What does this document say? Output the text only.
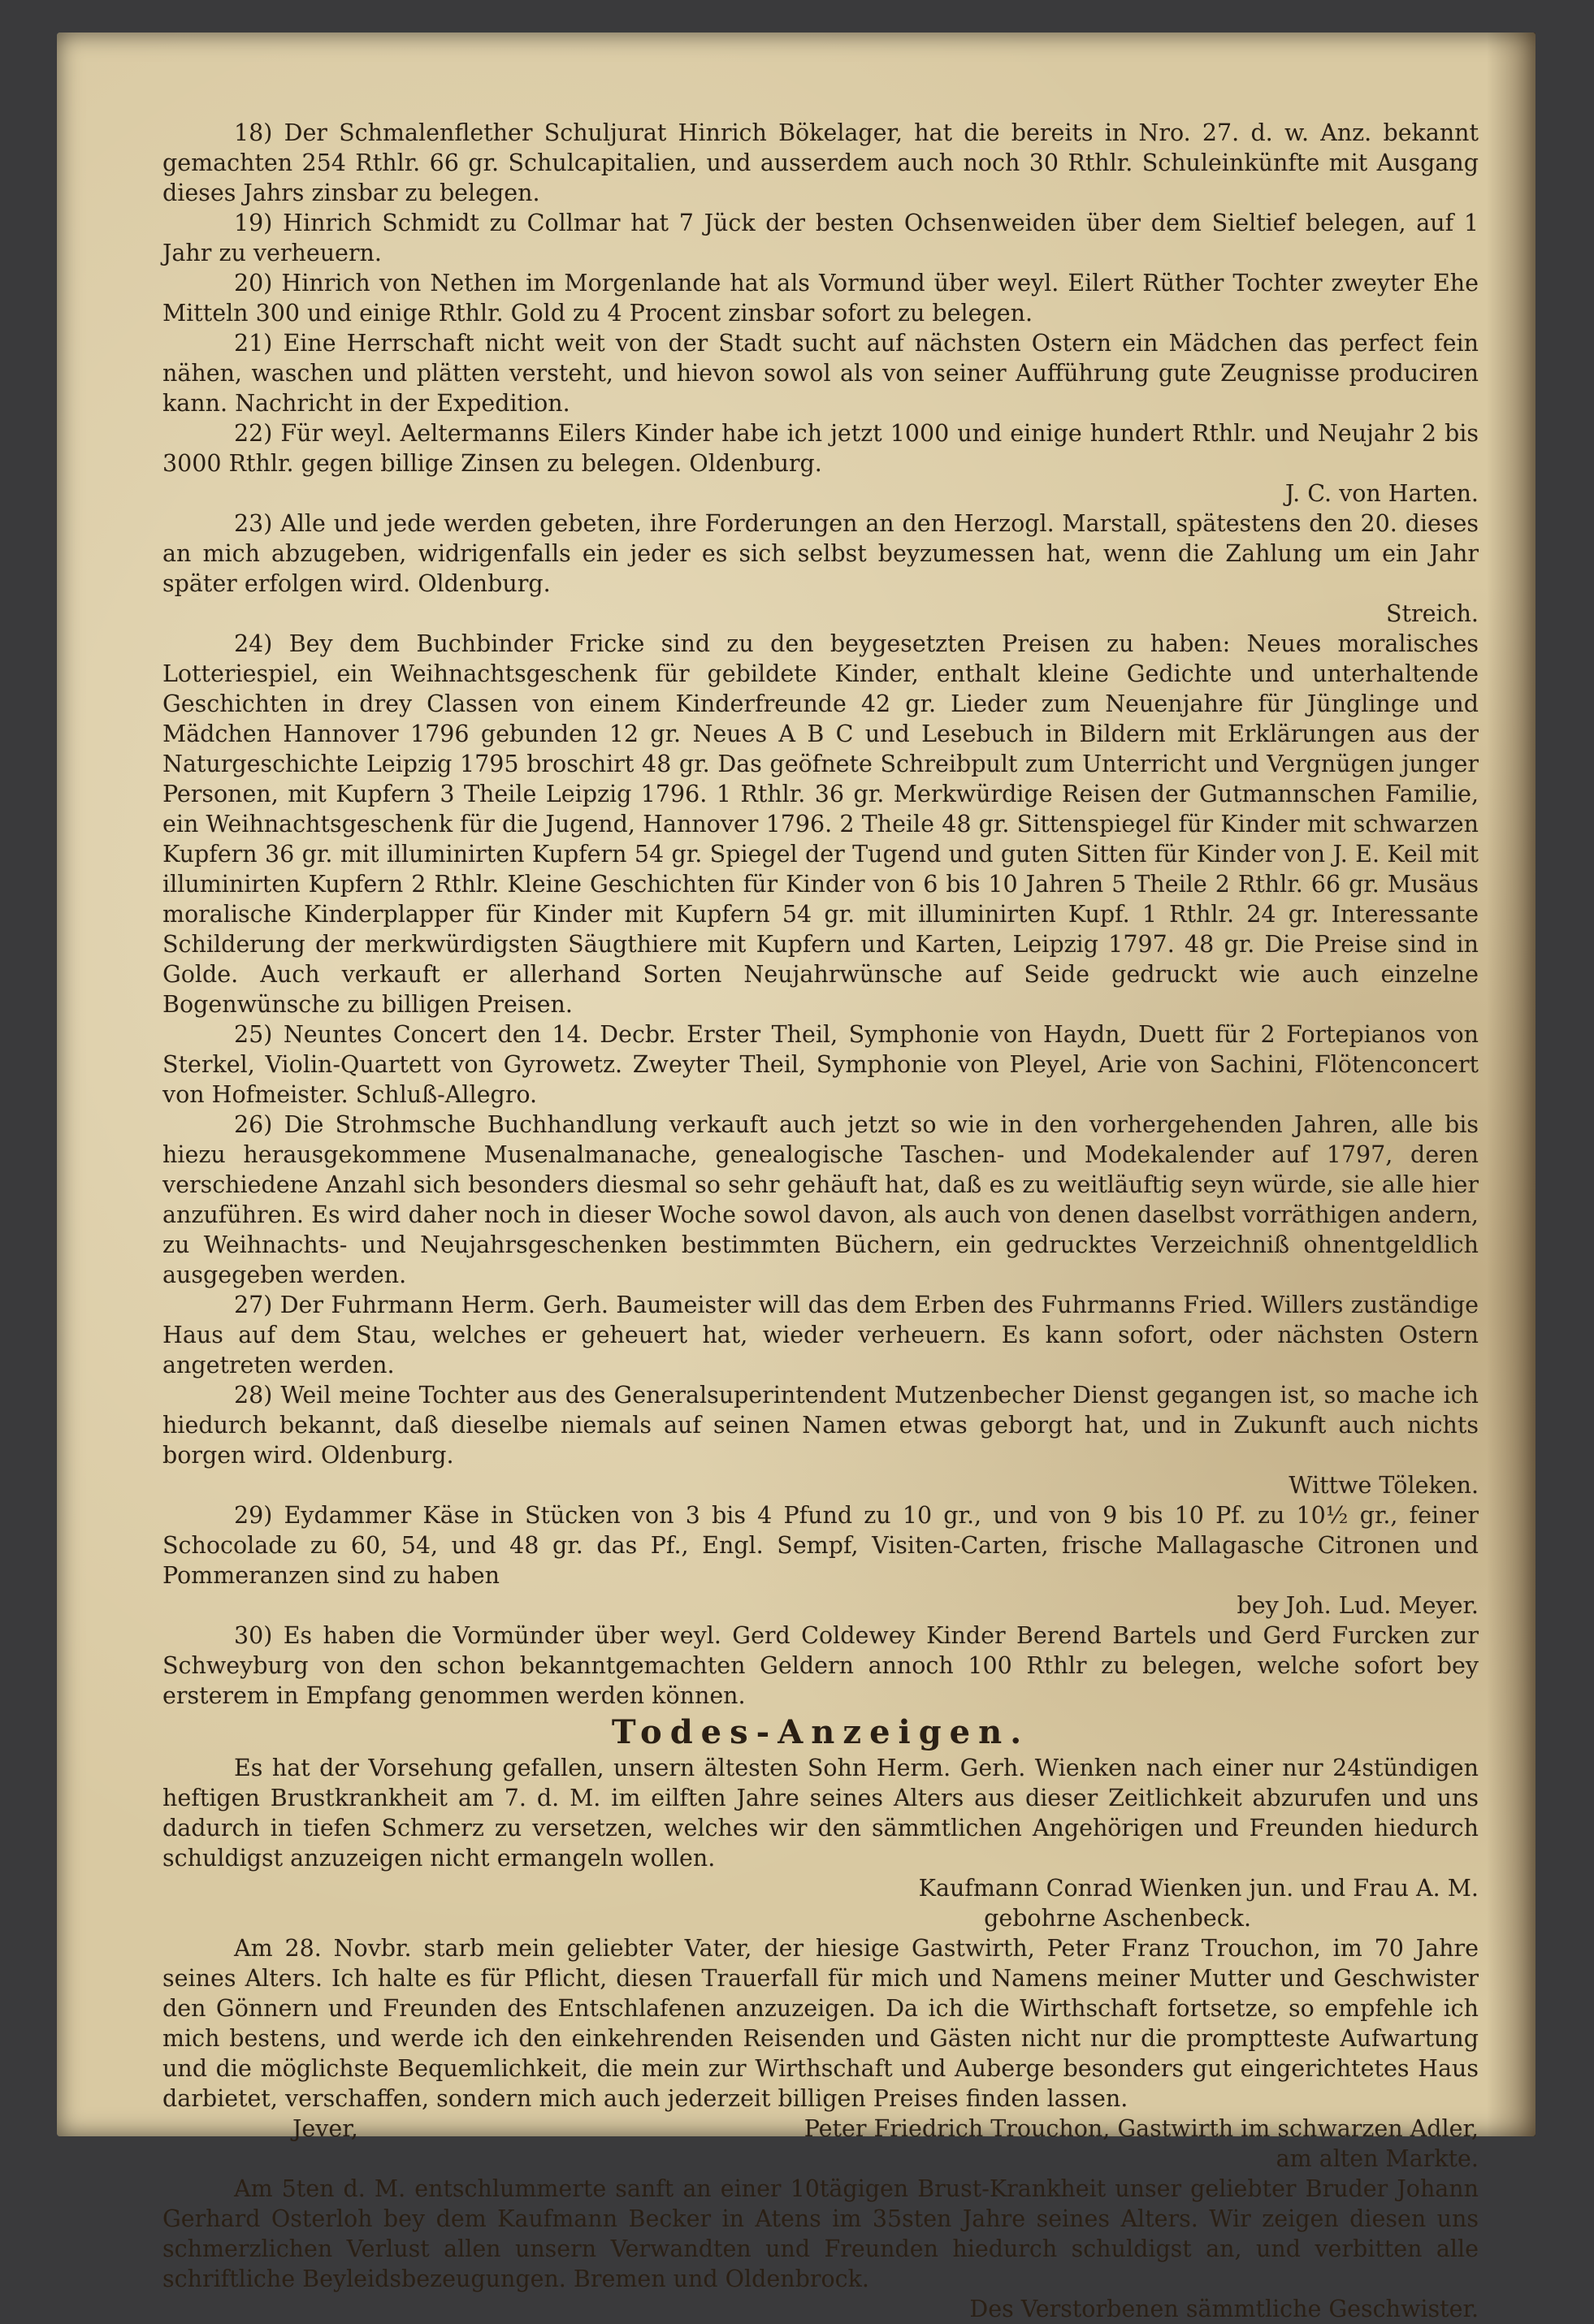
18) Der Schmalenflether Schuljurat Hinrich Bökelager, hat die bereits in Nro. 27. d. w. Anz. bekannt gemachten 254 Rthlr. 66 gr. Schulcapitalien, und ausserdem auch noch 30 Rthlr. Schuleinkünfte mit Ausgang dieses Jahrs zinsbar zu belegen.

19) Hinrich Schmidt zu Collmar hat 7 Jück der besten Ochsenweiden über dem Sieltief belegen, auf 1 Jahr zu verheuern.

20) Hinrich von Nethen im Morgenlande hat als Vormund über weyl. Eilert Rüther Tochter zweyter Ehe Mitteln 300 und einige Rthlr. Gold zu 4 Procent zinsbar sofort zu belegen.

21) Eine Herrschaft nicht weit von der Stadt sucht auf nächsten Ostern ein Mädchen das perfect fein nähen, waschen und plätten versteht, und hievon sowol als von seiner Aufführung gute Zeugnisse produciren kann. Nachricht in der Expedition.

22) Für weyl. Aeltermanns Eilers Kinder habe ich jetzt 1000 und einige hundert Rthlr. und Neujahr 2 bis 3000 Rthlr. gegen billige Zinsen zu belegen. Oldenburg.
J. C. von Harten.

23) Alle und jede werden gebeten, ihre Forderungen an den Herzogl. Marstall, spätestens den 20. dieses an mich abzugeben, widrigenfalls ein jeder es sich selbst beyzumessen hat, wenn die Zahlung um ein Jahr später erfolgen wird. Oldenburg.
Streich.

24) Bey dem Buchbinder Fricke sind zu den beygesetzten Preisen zu haben: Neues moralisches Lotteriespiel, ein Weihnachtsgeschenk für gebildete Kinder, enthalt kleine Gedichte und unterhaltende Geschichten in drey Classen von einem Kinderfreunde 42 gr. Lieder zum Neuenjahre für Jünglinge und Mädchen Hannover 1796 gebunden 12 gr. Neues A B C und Lesebuch in Bildern mit Erklärungen aus der Naturgeschichte Leipzig 1795 broschirt 48 gr. Das geöfnete Schreibpult zum Unterricht und Vergnügen junger Personen, mit Kupfern 3 Theile Leipzig 1796. 1 Rthlr. 36 gr. Merkwürdige Reisen der Gutmannschen Familie, ein Weihnachtsgeschenk für die Jugend, Hannover 1796. 2 Theile 48 gr. Sittenspiegel für Kinder mit schwarzen Kupfern 36 gr. mit illuminirten Kupfern 54 gr. Spiegel der Tugend und guten Sitten für Kinder von J. E. Keil mit illuminirten Kupfern 2 Rthlr. Kleine Geschichten für Kinder von 6 bis 10 Jahren 5 Theile 2 Rthlr. 66 gr. Musäus moralische Kinderplapper für Kinder mit Kupfern 54 gr. mit illuminirten Kupf. 1 Rthlr. 24 gr. Interessante Schilderung der merkwürdigsten Säugthiere mit Kupfern und Karten, Leipzig 1797. 48 gr. Die Preise sind in Golde. Auch verkauft er allerhand Sorten Neujahrwünsche auf Seide gedruckt wie auch einzelne Bogenwünsche zu billigen Preisen.

25) Neuntes Concert den 14. Decbr. Erster Theil, Symphonie von Haydn, Duett für 2 Fortepianos von Sterkel, Violin-Quartett von Gyrowetz. Zweyter Theil, Symphonie von Pleyel, Arie von Sachini, Flötenconcert von Hofmeister. Schluß-Allegro.

26) Die Strohmsche Buchhandlung verkauft auch jetzt so wie in den vorhergehenden Jahren, alle bis hiezu herausgekommene Musenalmanache, genealogische Taschen- und Modekalender auf 1797, deren verschiedene Anzahl sich besonders diesmal so sehr gehäuft hat, daß es zu weitläuftig seyn würde, sie alle hier anzuführen. Es wird daher noch in dieser Woche sowol davon, als auch von denen daselbst vorräthigen andern, zu Weihnachts- und Neujahrsgeschenken bestimmten Büchern, ein gedrucktes Verzeichniß ohnentgeldlich ausgegeben werden.

27) Der Fuhrmann Herm. Gerh. Baumeister will das dem Erben des Fuhrmanns Fried. Willers zuständige Haus auf dem Stau, welches er geheuert hat, wieder verheuern. Es kann sofort, oder nächsten Ostern angetreten werden.

28) Weil meine Tochter aus des Generalsuperintendent Mutzenbecher Dienst gegangen ist, so mache ich hiedurch bekannt, daß dieselbe niemals auf seinen Namen etwas geborgt hat, und in Zukunft auch nichts borgen wird. Oldenburg.
Wittwe Töleken.

29) Eydammer Käse in Stücken von 3 bis 4 Pfund zu 10 gr., und von 9 bis 10 Pf. zu 10½ gr., feiner Schocolade zu 60, 54, und 48 gr. das Pf., Engl. Sempf, Visiten-Carten, frische Mallagasche Citronen und Pommeranzen sind zu haben
bey Joh. Lud. Meyer.

30) Es haben die Vormünder über weyl. Gerd Coldewey Kinder Berend Bartels und Gerd Furcken zur Schweyburg von den schon bekanntgemachten Geldern annoch 100 Rthlr zu belegen, welche sofort bey ersterem in Empfang genommen werden können.

Todes-Anzeigen.

Es hat der Vorsehung gefallen, unsern ältesten Sohn Herm. Gerh. Wienken nach einer nur 24stündigen heftigen Brustkrankheit am 7. d. M. im eilften Jahre seines Alters aus dieser Zeitlichkeit abzurufen und uns dadurch in tiefen Schmerz zu versetzen, welches wir den sämmtlichen Angehörigen und Freunden hiedurch schuldigst anzuzeigen nicht ermangeln wollen.
Kaufmann Conrad Wienken jun. und Frau A. M.
gebohrne Aschenbeck.

Am 28. Novbr. starb mein geliebter Vater, der hiesige Gastwirth, Peter Franz Trouchon, im 70 Jahre seines Alters. Ich halte es für Pflicht, diesen Trauerfall für mich und Namens meiner Mutter und Geschwister den Gönnern und Freunden des Entschlafenen anzuzeigen. Da ich die Wirthschaft fortsetze, so empfehle ich mich bestens, und werde ich den einkehrenden Reisenden und Gästen nicht nur die promptteste Aufwartung und die möglichste Bequemlichkeit, die mein zur Wirthschaft und Auberge besonders gut eingerichtetes Haus darbietet, verschaffen, sondern mich auch jederzeit billigen Preises finden lassen.
Jever,	Peter Friedrich Trouchon, Gastwirth im schwarzen Adler,
am alten Markte.

Am 5ten d. M. entschlummerte sanft an einer 10tägigen Brust-Krankheit unser geliebter Bruder Johann Gerhard Osterloh bey dem Kaufmann Becker in Atens im 35sten Jahre seines Alters. Wir zeigen diesen uns schmerzlichen Verlust allen unsern Verwandten und Freunden hiedurch schuldigst an, und verbitten alle schriftliche Beyleidsbezeugungen. Bremen und Oldenbrock.
Des Verstorbenen sämmtliche Geschwister.
